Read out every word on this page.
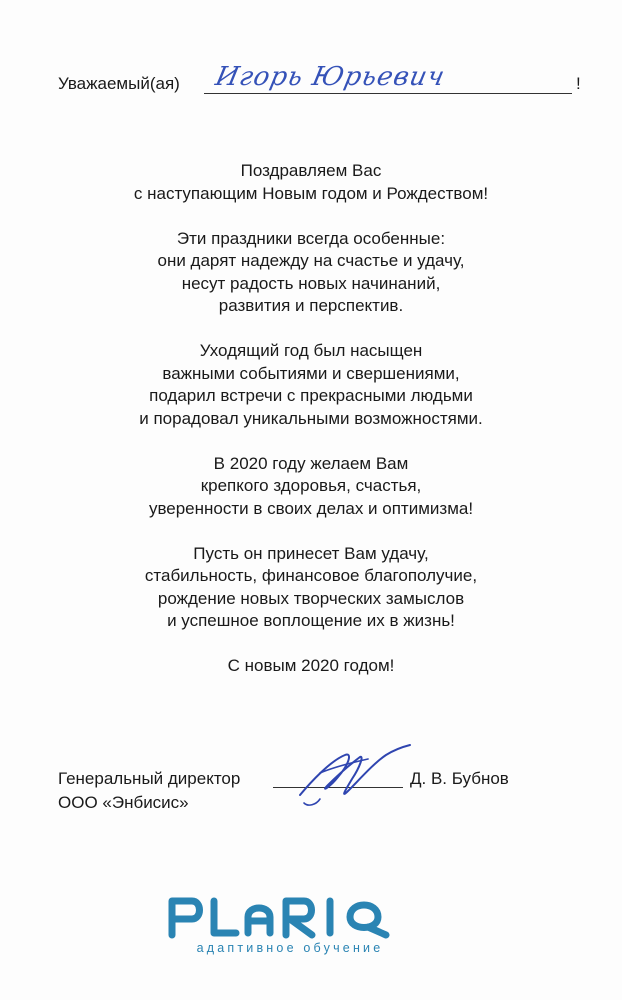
Уважаемый(ая) Игорь Юрьевич	!

Поздравляем Вас
с наступающим Новым годом и Рождеством!

Эти праздники всегда особенные:
они дарят надежду на счастье и удачу,
несут радость новых начинаний,
развития и перспектив.

Уходящий год был насыщен
важными событиями и свершениями,
подарил встречи с прекрасными людьми
и порадовал уникальными возможностями.

В 2020 году желаем Вам
крепкого здоровья, счастья,
уверенности в своих делах и оптимизма!

Пусть он принесет Вам удачу,
стабильность, финансовое благополучие,
рождение новых творческих замыслов
и успешное воплощение их в жизнь!

С новым 2020 годом!

Генеральный директор
ООО «Энбисис»
Д. В. Бубнов
адаптивное обучение
